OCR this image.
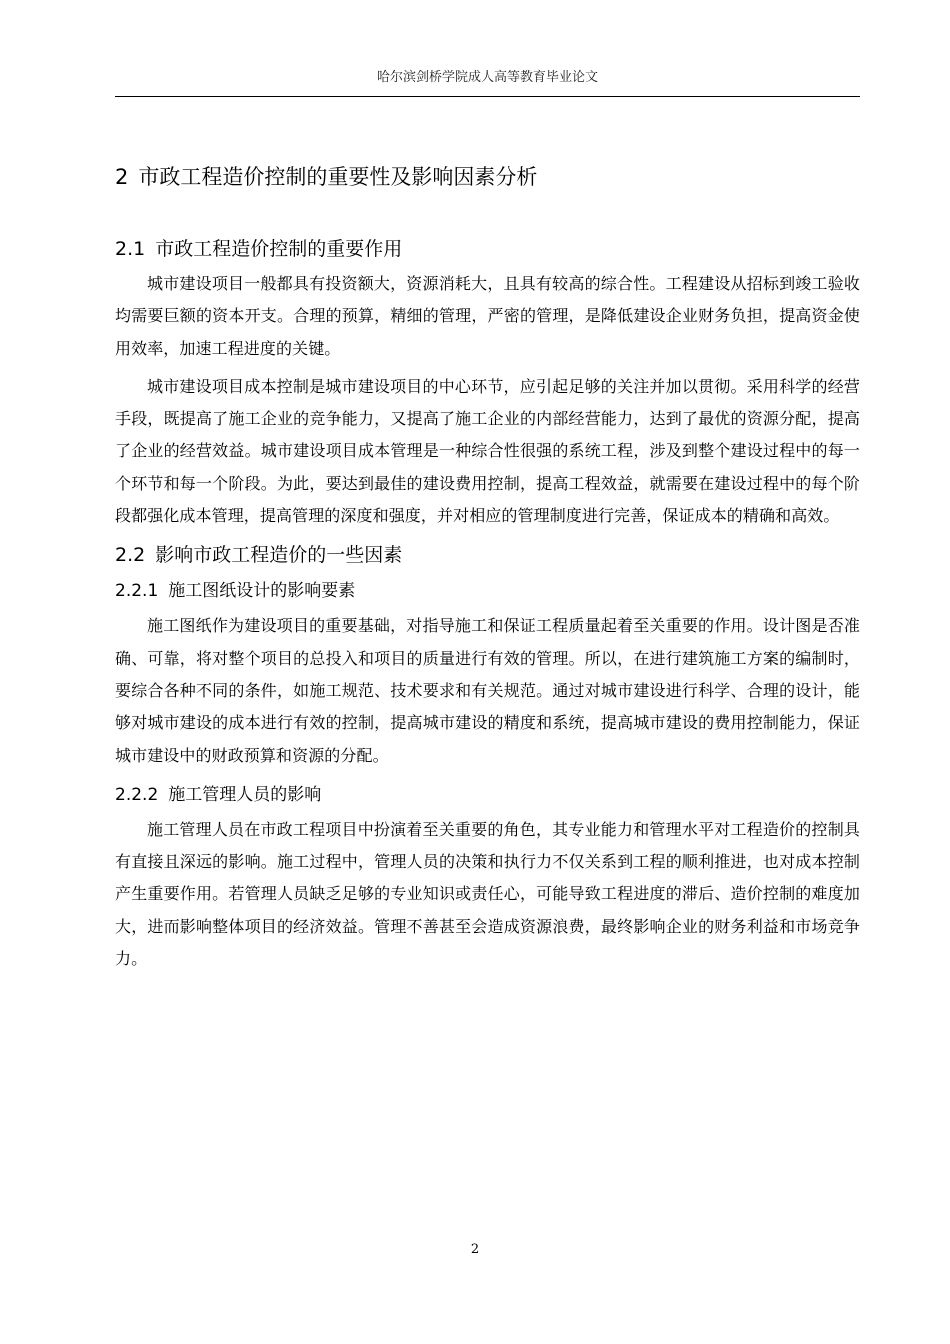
哈尔滨剑桥学院成人高等教育毕业论文
2 市政工程造价控制的重要性及影响因素分析
2.1 市政工程造价控制的重要作用

城市建设项目一般都具有投资额大，资源消耗大，且具有较高的综合性。工程建设从招标到竣工验收均需要巨额的资本开支。合理的预算，精细的管理，严密的管理，是降低建设企业财务负担，提高资金使用效率，加速工程进度的关键。

城市建设项目成本控制是城市建设项目的中心环节，应引起足够的关注并加以贯彻。采用科学的经营手段，既提高了施工企业的竞争能力，又提高了施工企业的内部经营能力，达到了最优的资源分配，提高了企业的经营效益。城市建设项目成本管理是一种综合性很强的系统工程，涉及到整个建设过程中的每一个环节和每一个阶段。为此，要达到最佳的建设费用控制，提高工程效益，就需要在建设过程中的每个阶段都强化成本管理，提高管理的深度和强度，并对相应的管理制度进行完善，保证成本的精确和高效。

2.2 影响市政工程造价的一些因素
2.2.1 施工图纸设计的影响要素

施工图纸作为建设项目的重要基础，对指导施工和保证工程质量起着至关重要的作用。设计图是否准确、可靠，将对整个项目的总投入和项目的质量进行有效的管理。所以，在进行建筑施工方案的编制时，要综合各种不同的条件，如施工规范、技术要求和有关规范。通过对城市建设进行科学、合理的设计，能够对城市建设的成本进行有效的控制，提高城市建设的精度和系统，提高城市建设的费用控制能力，保证城市建设中的财政预算和资源的分配。

2.2.2 施工管理人员的影响

施工管理人员在市政工程项目中扮演着至关重要的角色，其专业能力和管理水平对工程造价的控制具有直接且深远的影响。施工过程中，管理人员的决策和执行力不仅关系到工程的顺利推进，也对成本控制产生重要作用。若管理人员缺乏足够的专业知识或责任心，可能导致工程进度的滞后、造价控制的难度加大，进而影响整体项目的经济效益。管理不善甚至会造成资源浪费，最终影响企业的财务利益和市场竞争力。

2
